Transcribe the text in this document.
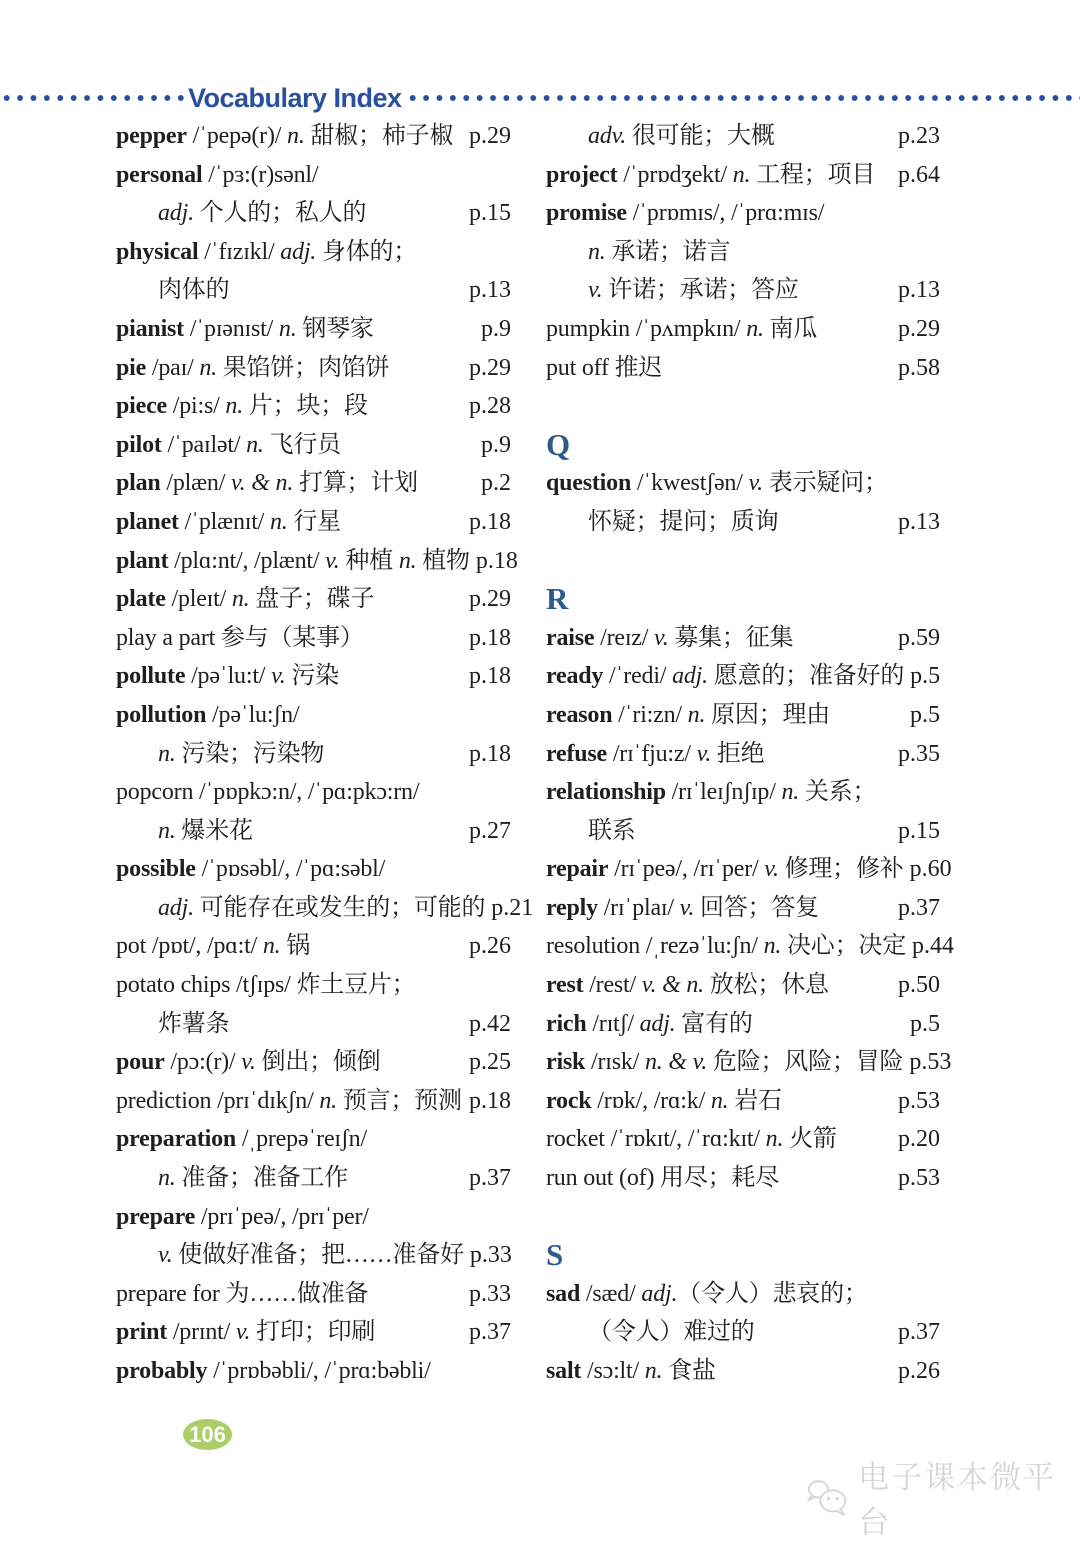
Vocabulary Index
pepper /ˈpepə(r)/ n. 甜椒；柿子椒 p.29
personal /ˈpɜ:(r)sənl/
adj. 个人的；私人的	p.15
physical /ˈfɪzɪkl/ adj. 身体的；
肉体的	p.13
pianist /ˈpɪənɪst/ n. 钢琴家	p.9
pie /paɪ/ n. 果馅饼；肉馅饼	p.29
piece /pi:s/ n. 片；块；段	p.28
pilot /ˈpaɪlət/ n. 飞行员	p.9
plan /plæn/ v. & n. 打算；计划	p.2
planet /ˈplænɪt/ n. 行星	p.18
plant /plɑ:nt/, /plænt/ v. 种植 n. 植物 p.18
plate /pleɪt/ n. 盘子；碟子	p.29
play a part 参与（某事）	p.18
pollute /pəˈlu:t/ v. 污染	p.18
pollution /pəˈlu:ʃn/
n. 污染；污染物	p.18
popcorn /ˈpɒpkɔ:n/, /ˈpɑ:pkɔ:rn/
n. 爆米花	p.27
possible /ˈpɒsəbl/, /ˈpɑ:səbl/
adj. 可能存在或发生的；可能的 p.21
pot /pɒt/, /pɑ:t/ n. 锅	p.26
potato chips /tʃɪps/ 炸土豆片；
炸薯条	p.42
pour /pɔ:(r)/ v. 倒出；倾倒	p.25
prediction /prɪˈdɪkʃn/ n. 预言；预测 p.18
preparation /ˌprepəˈreɪʃn/
n. 准备；准备工作	p.37
prepare /prɪˈpeə/, /prɪˈper/
v. 使做好准备；把……准备好 p.33
prepare for 为……做准备	p.33
print /prɪnt/ v. 打印；印刷	p.37
probably /ˈprɒbəbli/, /ˈprɑ:bəbli/
adv. 很可能；大概	p.23
project /ˈprɒdʒekt/ n. 工程；项目 p.64
promise /ˈprɒmɪs/, /ˈprɑ:mɪs/
n. 承诺；诺言
v. 许诺；承诺；答应	p.13
pumpkin /ˈpʌmpkɪn/ n. 南瓜	p.29
put off 推迟	p.58
Q
question /ˈkwestʃən/ v. 表示疑问；
怀疑；提问；质询	p.13
R
raise /reɪz/ v. 募集；征集	p.59
ready /ˈredi/ adj. 愿意的；准备好的 p.5
reason /ˈri:zn/ n. 原因；理由	p.5
refuse /rɪˈfju:z/ v. 拒绝	p.35
relationship /rɪˈleɪʃnʃɪp/ n. 关系；
联系	p.15
repair /rɪˈpeə/, /rɪˈper/ v. 修理；修补 p.60
reply /rɪˈplaɪ/ v. 回答；答复	p.37
resolution /ˌrezəˈlu:ʃn/ n. 决心；决定 p.44
rest /rest/ v. & n. 放松；休息	p.50
rich /rɪtʃ/ adj. 富有的	p.5
risk /rɪsk/ n. & v. 危险；风险；冒险 p.53
rock /rɒk/, /rɑ:k/ n. 岩石	p.53
rocket /ˈrɒkɪt/, /ˈrɑ:kɪt/ n. 火箭	p.20
run out (of) 用尽；耗尽	p.53
S
sad /sæd/ adj.（令人）悲哀的；
（令人）难过的	p.37
salt /sɔ:lt/ n. 食盐	p.26
106
电子课本微平台
